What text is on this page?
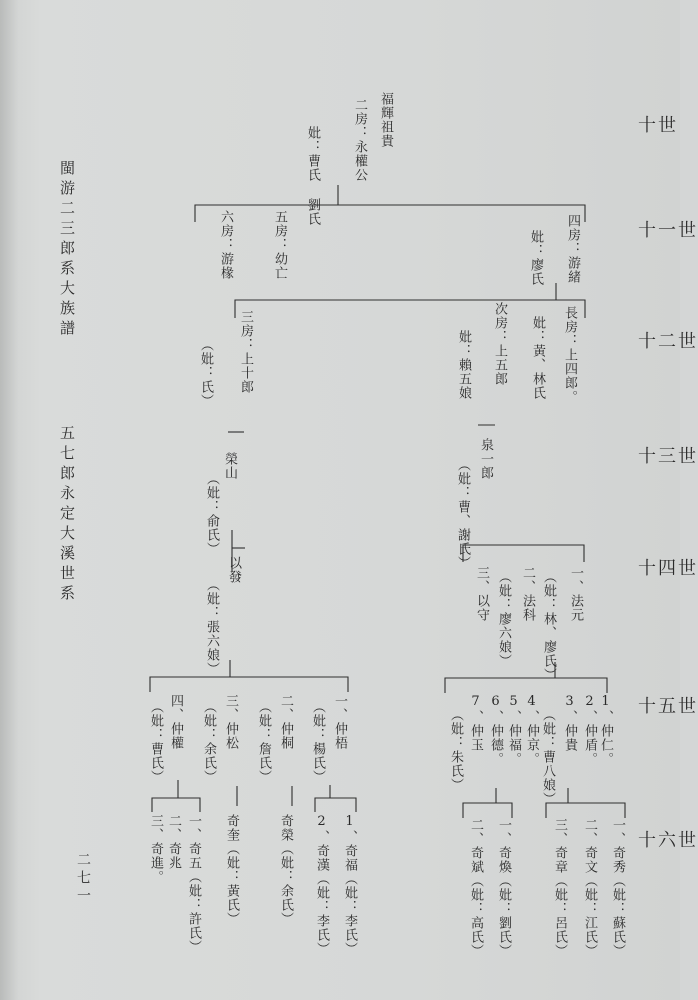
十世
十一世
十二世
十三世
十四世
十五世
十六世
閩游二三郎系大族譜
五七郎永定大溪世系
二七一
福輝祖貴
二房：永權公
妣：曹氏 劉氏
四房：游緒
妣：廖氏
五房：幼亡
六房：游椽
長房：上四郎。
妣：黃、林氏
次房：上五郎
妣：賴五娘
三房：上十郎
（妣：氏）
泉一郎
（妣：曹、謝氏）
榮山
（妣：俞氏）
一、法元
（妣：林、廖氏）
二、法科
（妣：廖六娘）
三、以守
以發
（妣：張六娘）
一、仲梧
（妣：楊氏）
二、仲桐
（妣：詹氏）
三、仲松
（妣：余氏）
四、仲權
（妣：曹氏）	1、仲仁。
2、仲盾。
3、仲貴
（妣：曹八娘）
4、仲京。
5、仲福。
6、仲德。
7、仲玉
（妣：朱氏）
一、奇秀（妣：蘇氏）
二、奇文（妣：江氏）
三、奇章（妣：呂氏）
一、奇煥（妣：劉氏）
二、奇斌（妣：高氏）
1、奇福（妣：李氏）
2、奇漢（妣：李氏）
奇榮（妣：余氏）
奇奎（妣：黃氏）
一、奇五（妣：許氏）
二、奇兆
三、奇進。
